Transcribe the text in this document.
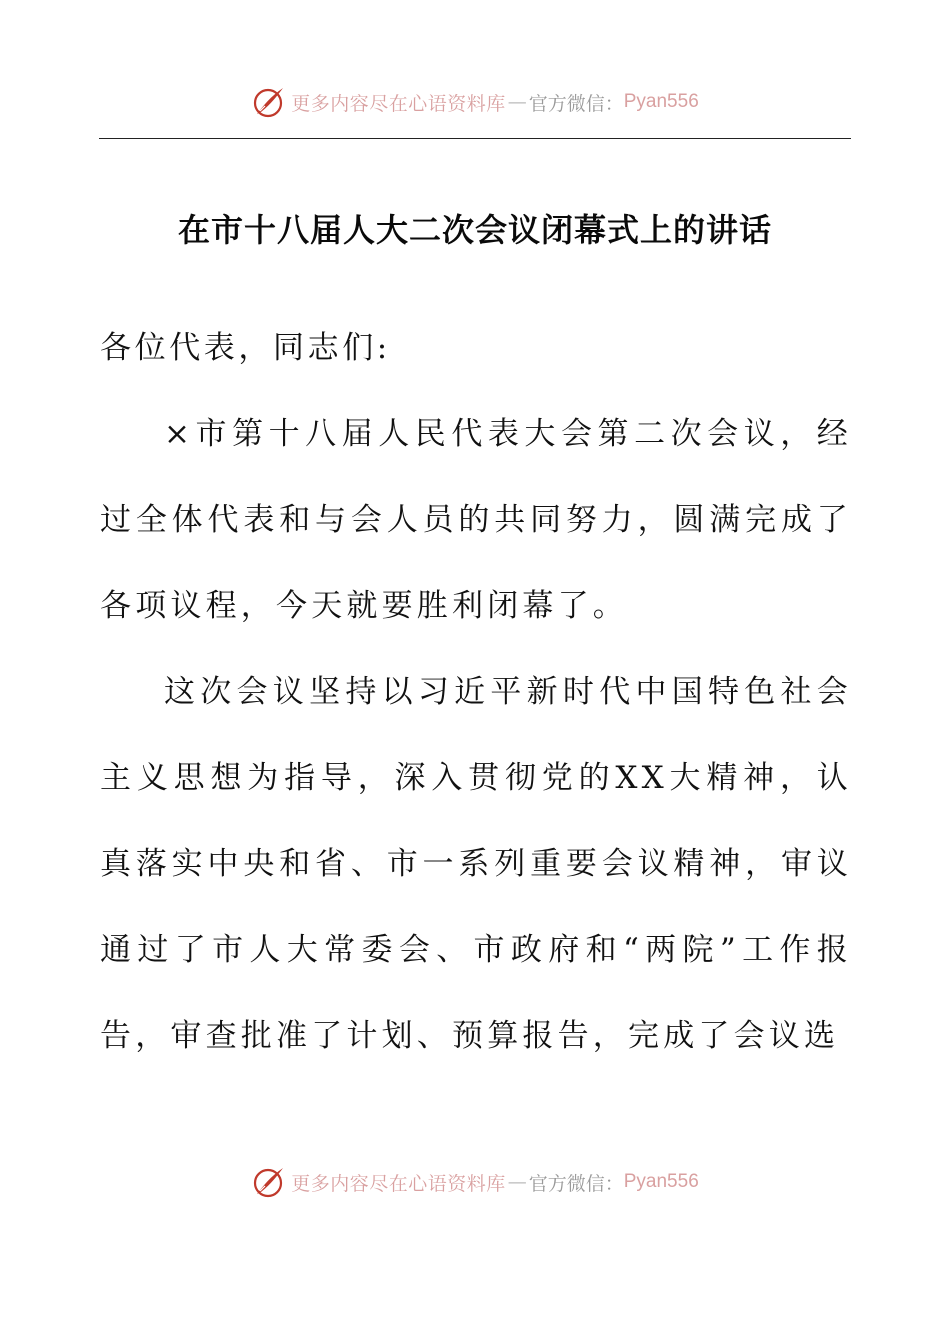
更多内容尽在心语资料库 — 官方微信： Pyan556
在市十八届人大二次会议闭幕式上的讲话

各位代表，同志们:

×市第十八届人民代表大会第二次会议，经过全体代表和与会人员的共同努力，圆满完成了各项议程，今天就要胜利闭幕了。

这次会议坚持以习近平新时代中国特色社会主义思想为指导，深入贯彻党的XX大精神，认真落实中央和省、市一系列重要会议精神，审议通过了市人大常委会、市政府和“两院”工作报告，审查批准了计划、预算报告，完成了会议选

更多内容尽在心语资料库 — 官方微信： Pyan556
